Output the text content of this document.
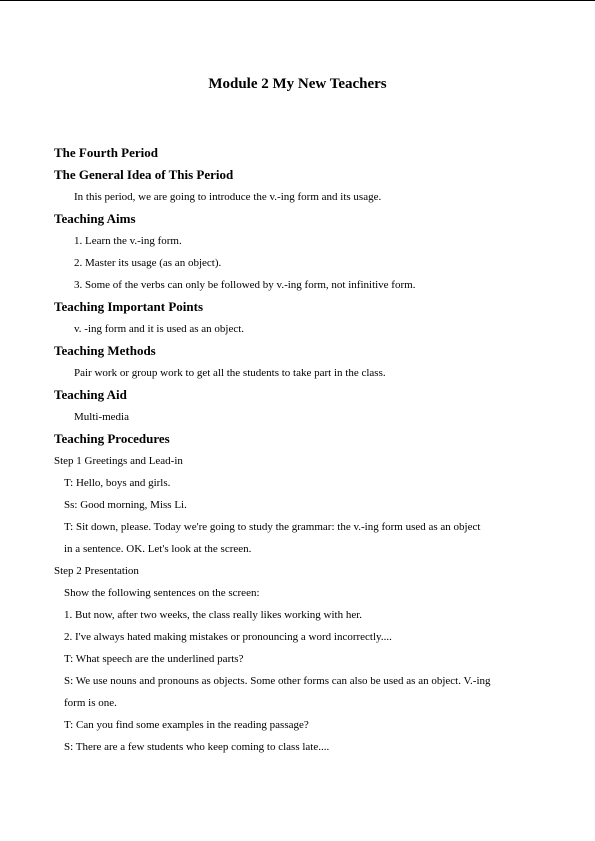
Module 2 My New Teachers
The Fourth Period
The General Idea of This Period
In this period, we are going to introduce the v.-ing form and its usage.
Teaching Aims
1. Learn the v.-ing form.
2. Master its usage (as an object).
3. Some of the verbs can only be followed by v.-ing form, not infinitive form.
Teaching Important Points
v. -ing form and it is used as an object.
Teaching Methods
Pair work or group work to get all the students to take part in the class.
Teaching Aid
Multi-media
Teaching Procedures
Step 1 Greetings and Lead-in
T: Hello, boys and girls.
Ss: Good morning, Miss Li.
T: Sit down, please. Today we're going to study the grammar: the v.-ing form used as an object
in a sentence. OK. Let's look at the screen.
Step 2 Presentation
Show the following sentences on the screen:
1. But now, after two weeks, the class really likes working with her.
2. I've always hated making mistakes or pronouncing a word incorrectly....
T: What speech are the underlined parts?
S: We use nouns and pronouns as objects. Some other forms can also be used as an object. V.-ing
form is one.
T: Can you find some examples in the reading passage?
S: There are a few students who keep coming to class late....
